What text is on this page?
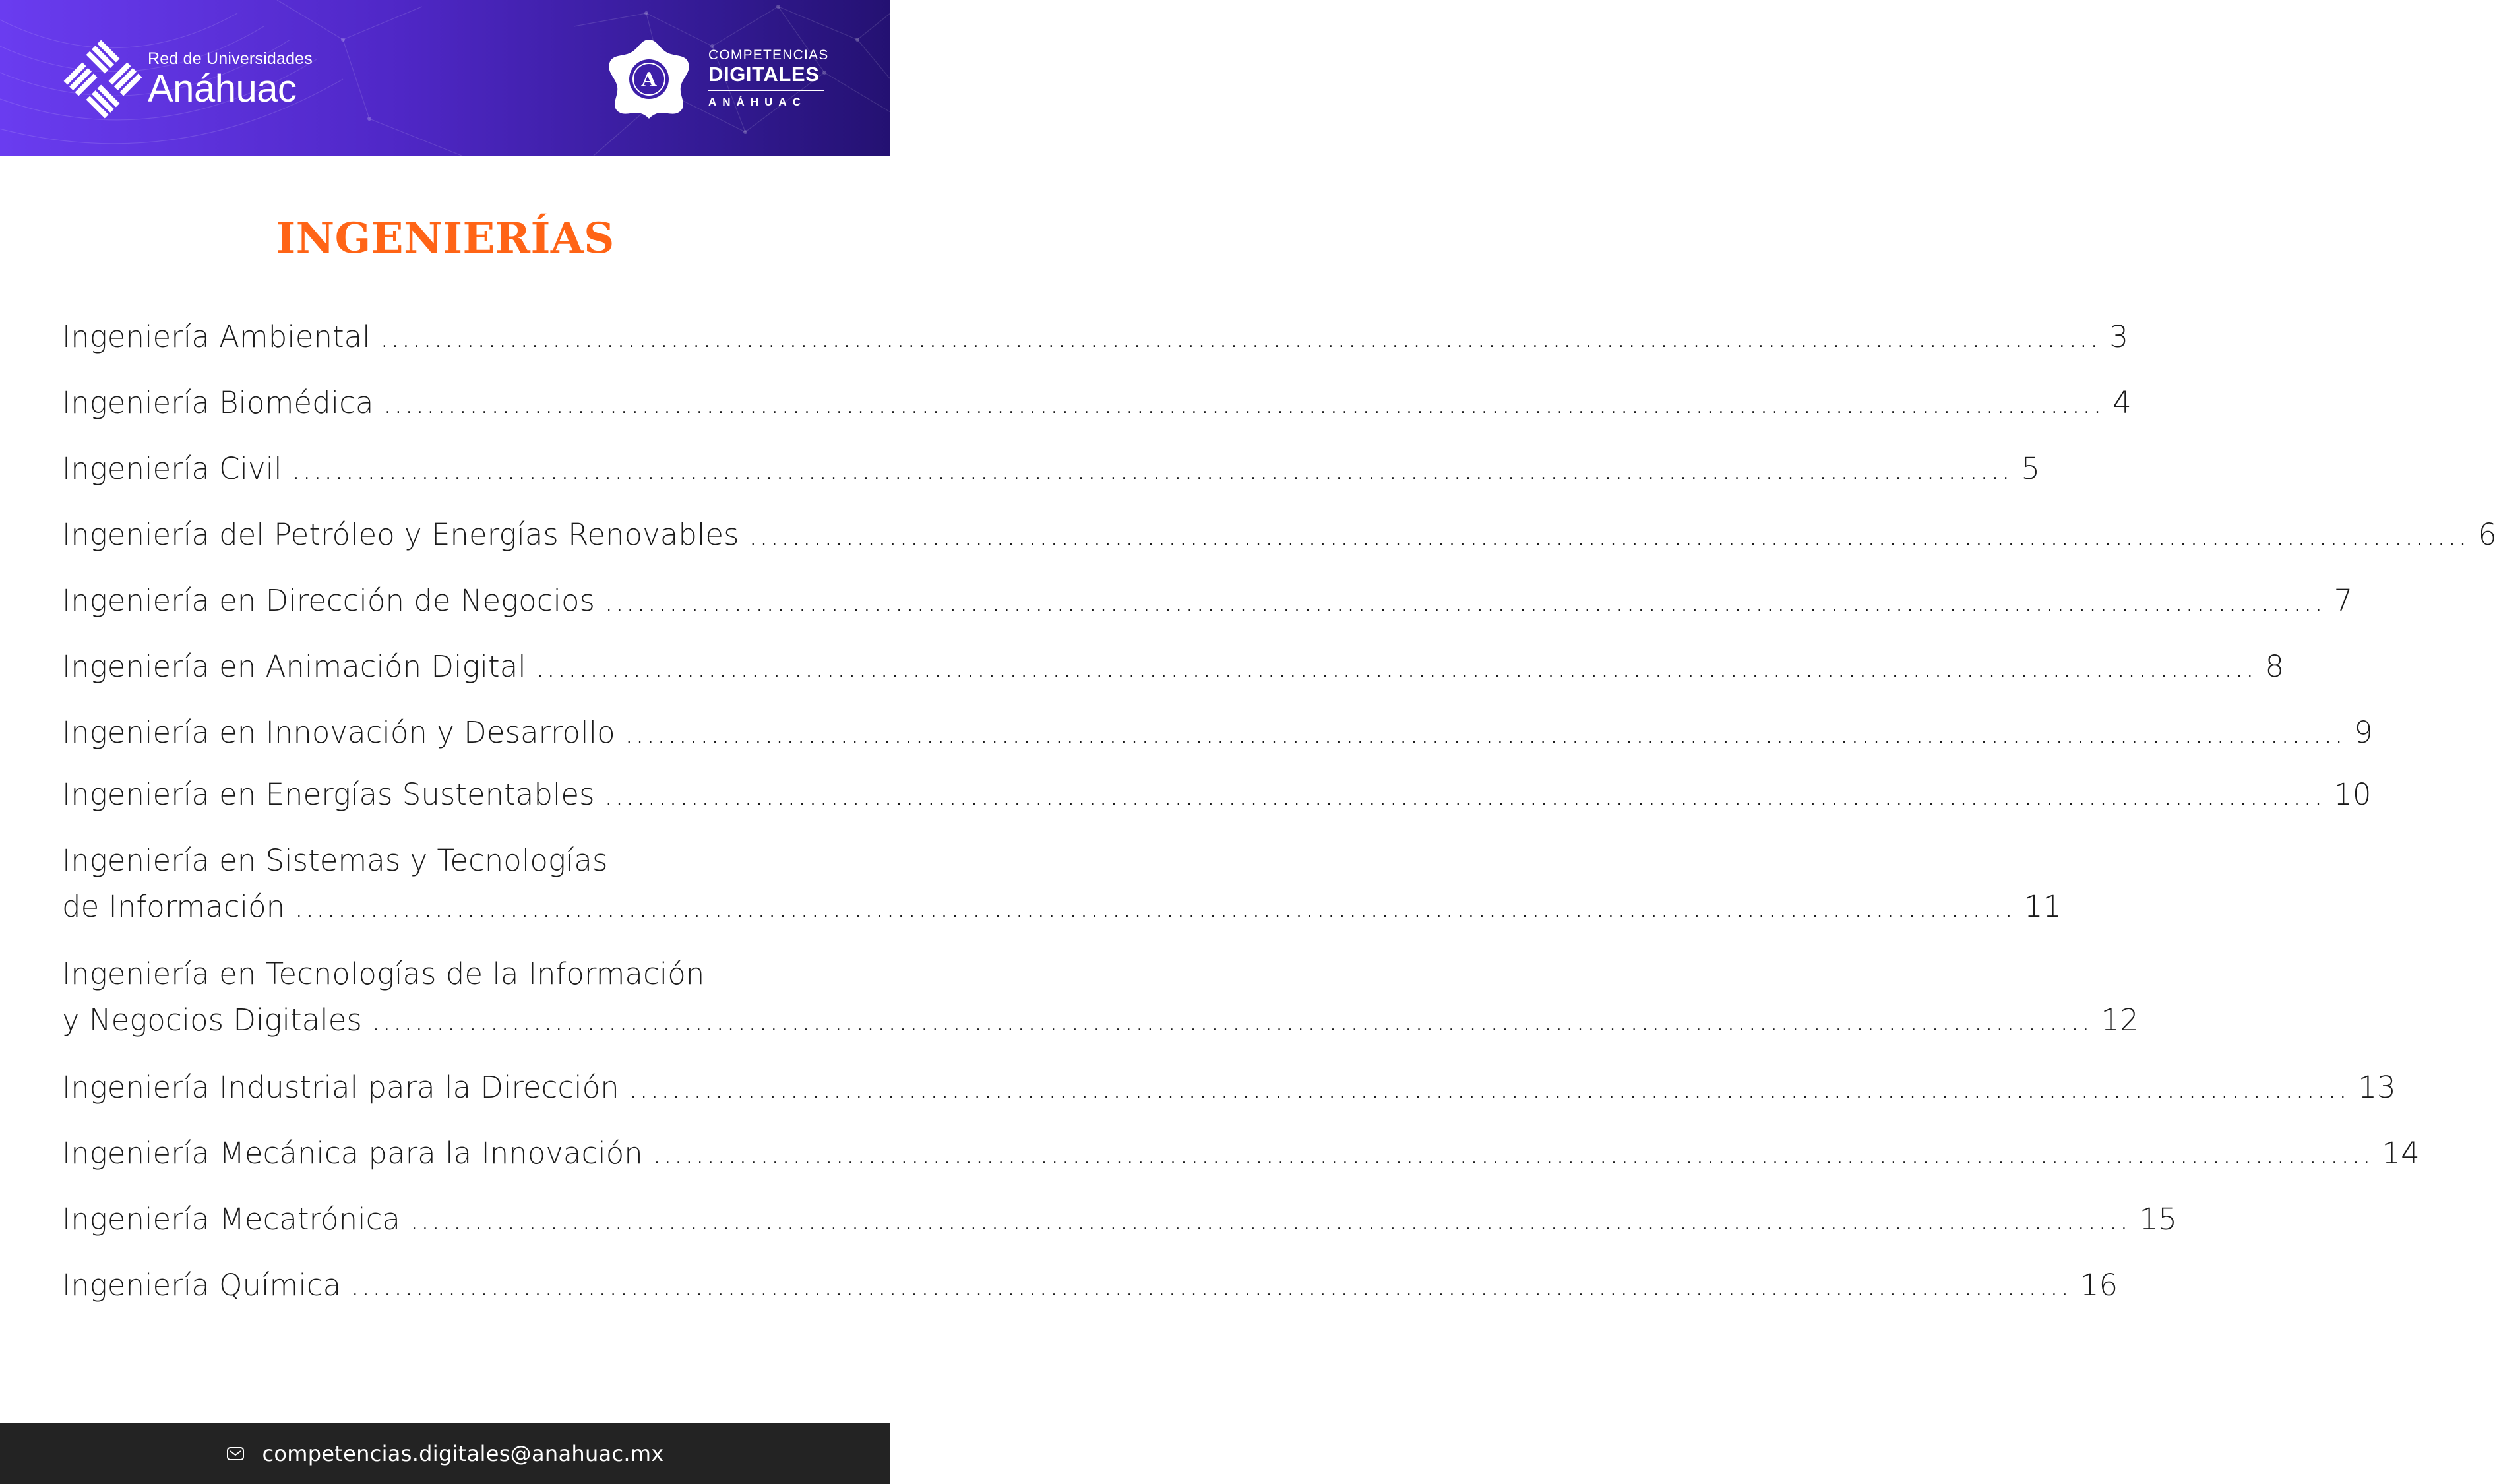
Red de Universidades
Anáhuac	A
COMPETENCIAS
DIGITALES
ANÁHUAC
INGENIERÍAS
Ingeniería Ambiental ................................................................................................................................................................ 3
Ingeniería Biomédica ................................................................................................................................................................ 4
Ingeniería Civil ................................................................................................................................................................ 5
Ingeniería del Petróleo y Energías Renovables ................................................................................................................................................................ 6
Ingeniería en Dirección de Negocios ................................................................................................................................................................ 7
Ingeniería en Animación Digital ................................................................................................................................................................ 8
Ingeniería en Innovación y Desarrollo ................................................................................................................................................................ 9
Ingeniería en Energías Sustentables ................................................................................................................................................................ 10
Ingeniería en Sistemas y Tecnologías
de Información ................................................................................................................................................................ 11
Ingeniería en Tecnologías de la Información
y Negocios Digitales ................................................................................................................................................................ 12
Ingeniería Industrial para la Dirección ................................................................................................................................................................ 13
Ingeniería Mecánica para la Innovación ................................................................................................................................................................ 14
Ingeniería Mecatrónica ................................................................................................................................................................ 15
Ingeniería Química ................................................................................................................................................................ 16
competencias.digitales@anahuac.mx
